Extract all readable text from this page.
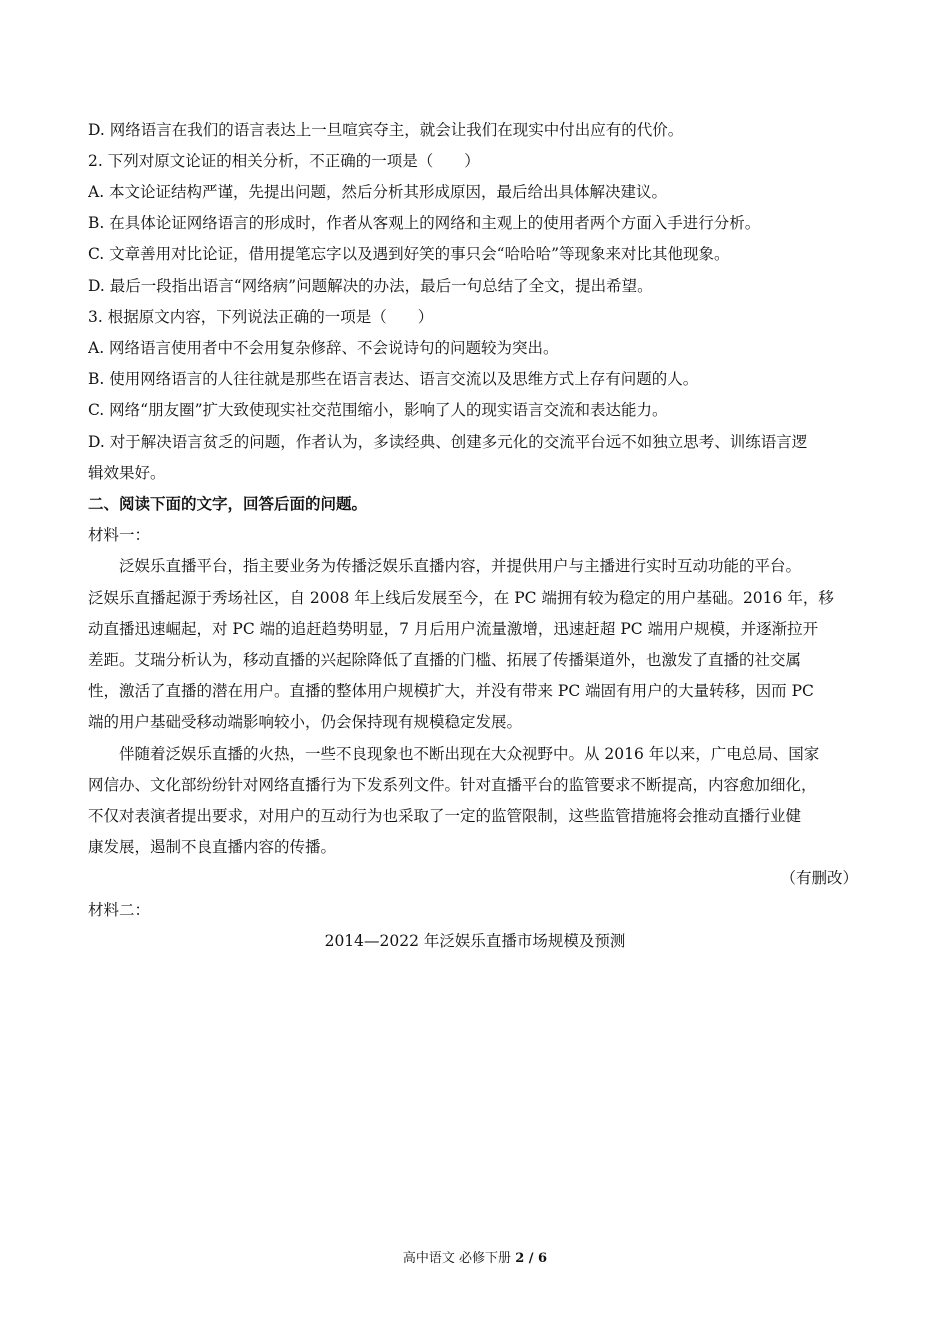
D. 网络语言在我们的语言表达上一旦喧宾夺主，就会让我们在现实中付出应有的代价。
2. 下列对原文论证的相关分析，不正确的一项是（　　）
A. 本文论证结构严谨，先提出问题，然后分析其形成原因，最后给出具体解决建议。
B. 在具体论证网络语言的形成时，作者从客观上的网络和主观上的使用者两个方面入手进行分析。
C. 文章善用对比论证，借用提笔忘字以及遇到好笑的事只会“哈哈哈”等现象来对比其他现象。
D. 最后一段指出语言“网络病”问题解决的办法，最后一句总结了全文，提出希望。
3. 根据原文内容，下列说法正确的一项是（　　）
A. 网络语言使用者中不会用复杂修辞、不会说诗句的问题较为突出。
B. 使用网络语言的人往往就是那些在语言表达、语言交流以及思维方式上存有问题的人。
C. 网络“朋友圈”扩大致使现实社交范围缩小，影响了人的现实语言交流和表达能力。
D. 对于解决语言贫乏的问题，作者认为，多读经典、创建多元化的交流平台远不如独立思考、训练语言逻
辑效果好。
二、阅读下面的文字，回答后面的问题。
材料一：
泛娱乐直播平台，指主要业务为传播泛娱乐直播内容，并提供用户与主播进行实时互动功能的平台。
泛娱乐直播起源于秀场社区，自 2008 年上线后发展至今，在 PC 端拥有较为稳定的用户基础。2016 年，移
动直播迅速崛起，对 PC 端的追赶趋势明显，7 月后用户流量激增，迅速赶超 PC 端用户规模，并逐渐拉开
差距。艾瑞分析认为，移动直播的兴起除降低了直播的门槛、拓展了传播渠道外，也激发了直播的社交属
性，激活了直播的潜在用户。直播的整体用户规模扩大，并没有带来 PC 端固有用户的大量转移，因而 PC
端的用户基础受移动端影响较小，仍会保持现有规模稳定发展。
伴随着泛娱乐直播的火热，一些不良现象也不断出现在大众视野中。从 2016 年以来，广电总局、国家
网信办、文化部纷纷针对网络直播行为下发系列文件。针对直播平台的监管要求不断提高，内容愈加细化，
不仅对表演者提出要求，对用户的互动行为也采取了一定的监管限制，这些监管措施将会推动直播行业健
康发展，遏制不良直播内容的传播。
（有删改）
材料二：
2014—2022 年泛娱乐直播市场规模及预测
高中语文 必修下册 2 / 6
